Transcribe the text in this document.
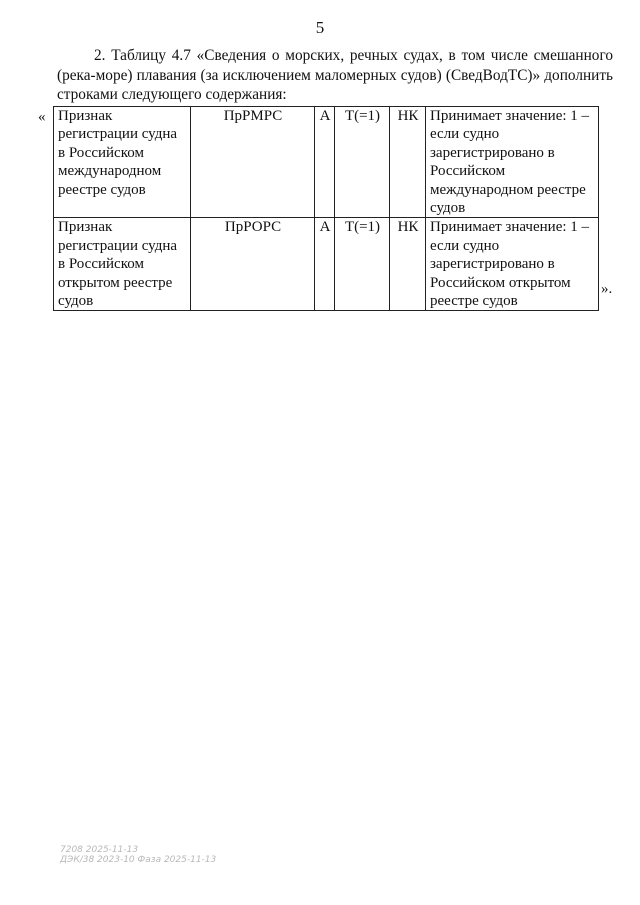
5
2. Таблицу 4.7 «Сведения о морских, речных судах, в том числе смешанного (река-море) плавания (за исключением маломерных судов) (СведВодТС)» дополнить строками следующего содержания:
« Признак регистрации судна в Российском международном реестре судов	ПрРМРС	А	Т(=1)	НК	Принимает значение: 1 – если судно зарегистрировано в Российском международном реестре судов
Признак регистрации судна в Российском открытом реестре судов	ПрРОРС	А	Т(=1)	НК	Принимает значение: 1 – если судно зарегистрировано в Российском открытом реестре судов
».
7208 2025-11-13
ДЭК/38 2023-10 Фаза 2025-11-13
